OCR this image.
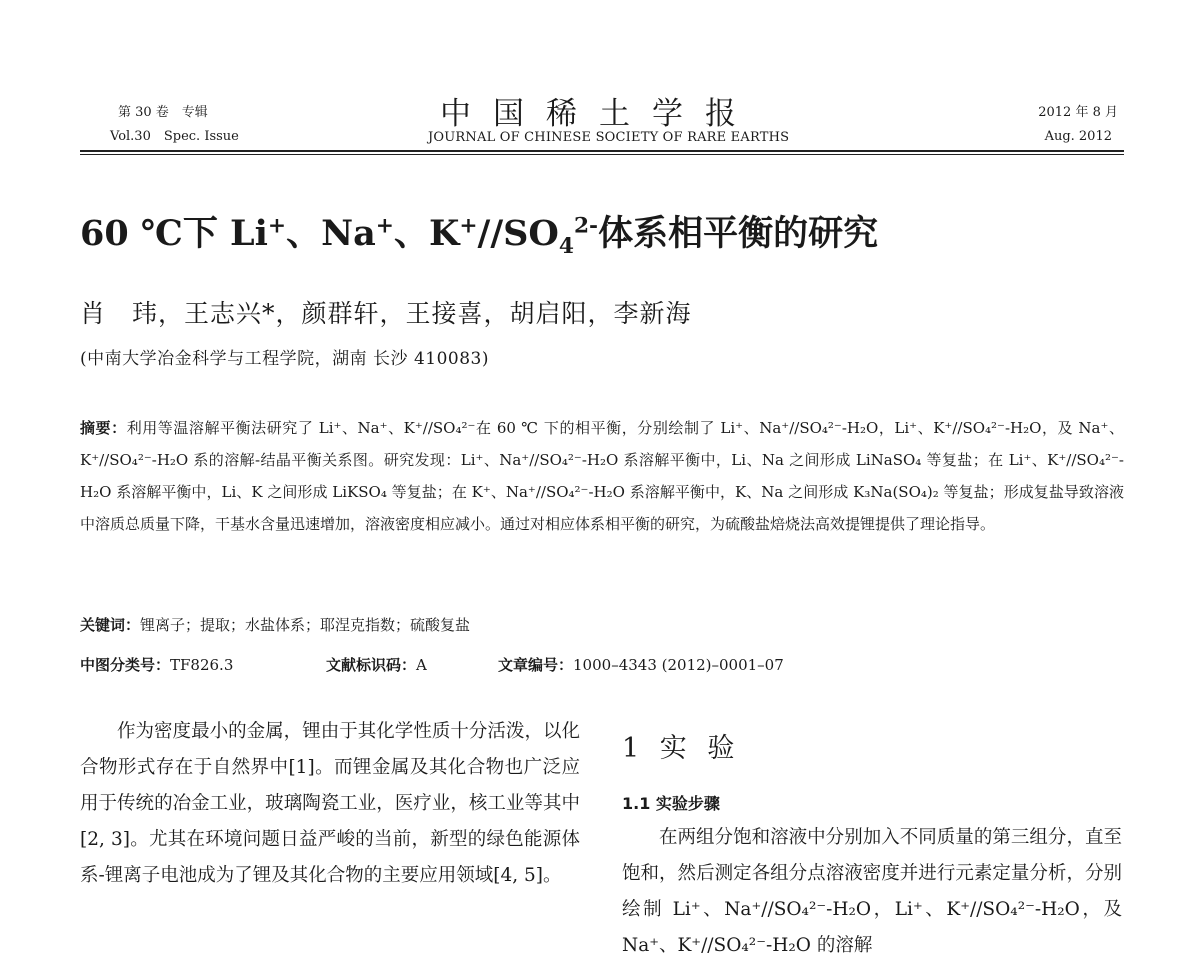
第 30 卷　专辑
Vol.30　Spec. Issue
中国稀土学报
JOURNAL OF CHINESE SOCIETY OF RARE EARTHS
2012 年 8 月
Aug. 2012
60 ℃下 Li+、Na+、$K^+//SO_4^{2-}$体系相平衡的研究
肖　玮，王志兴*，颜群轩，王接喜，胡启阳，李新海
(中南大学冶金科学与工程学院，湖南 长沙 410083)
摘要：利用等温溶解平衡法研究了 Li⁺、Na⁺、K⁺//SO₄²⁻在 60 ℃ 下的相平衡，分别绘制了 Li⁺、Na⁺//SO₄²⁻-H₂O，Li⁺、K⁺//SO₄²⁻-H₂O，及 Na⁺、K⁺//SO₄²⁻-H₂O 系的溶解-结晶平衡关系图。研究发现：Li⁺、Na⁺//SO₄²⁻-H₂O 系溶解平衡中，Li、Na 之间形成 LiNaSO₄ 等复盐；在 Li⁺、K⁺//SO₄²⁻-H₂O 系溶解平衡中，Li、K 之间形成 LiKSO₄ 等复盐；在 K⁺、Na⁺//SO₄²⁻-H₂O 系溶解平衡中，K、Na 之间形成 K₃Na(SO₄)₂ 等复盐；形成复盐导致溶液中溶质总质量下降，干基水含量迅速增加，溶液密度相应减小。通过对相应体系相平衡的研究，为硫酸盐焙烧法高效提锂提供了理论指导。
关键词：锂离子；提取；水盐体系；耶涅克指数；硫酸复盐
中图分类号：TF826.3	文献标识码：A	文章编号：1000–4343 (2012)–0001–07
作为密度最小的金属，锂由于其化学性质十分活泼，以化合物形式存在于自然界中[1]。而锂金属及其化合物也广泛应用于传统的冶金工业，玻璃陶瓷工业，医疗业，核工业等其中[2, 3]。尤其在环境问题日益严峻的当前，新型的绿色能源体系-锂离子电池成为了锂及其化合物的主要应用领域[4, 5]。
1 实 验
1.1 实验步骤
在两组分饱和溶液中分别加入不同质量的第三组分，直至饱和，然后测定各组分点溶液密度并进行元素定量分析，分别绘制 Li⁺、Na⁺//SO₄²⁻-H₂O，Li⁺、K⁺//SO₄²⁻-H₂O，及 Na⁺、K⁺//SO₄²⁻-H₂O 的溶解
